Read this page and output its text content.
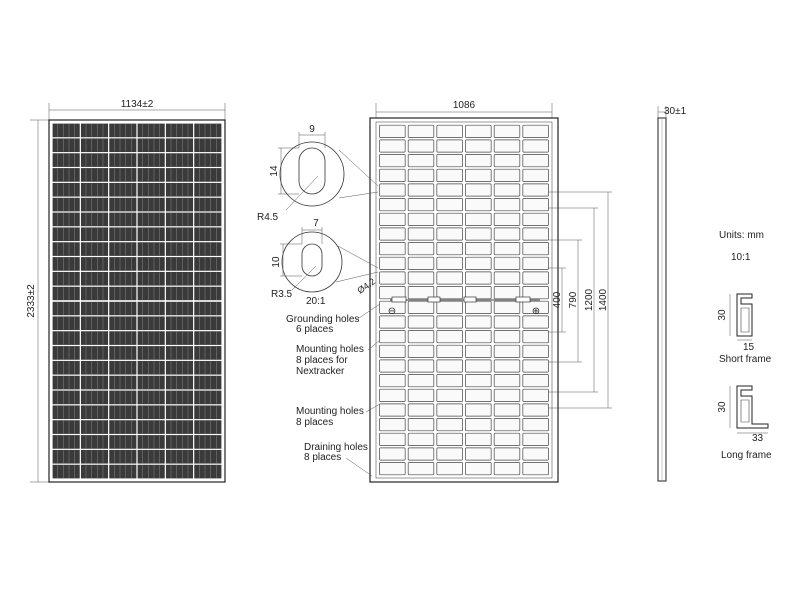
1134±2
2333±2
1086
⊖	⊕
9
14
R4.5
7
10
R3.5
20:1
Ø4.2
400 790 1200 1400
Grounding holes
6 places
Mounting holes
8 places for
Nextracker
Mounting holes
8 places
Draining holes
8 places
30±1
Units: mm
10:1
30
15
Short frame
30
33
Long frame
